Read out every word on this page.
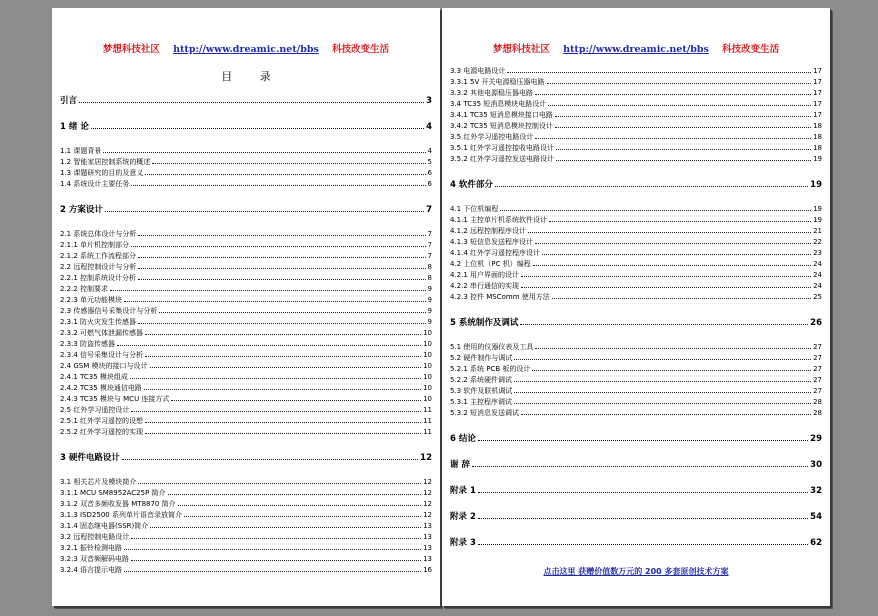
梦想科技社区 http://www.dreamic.net/bbs 科技改变生活
目 录
引言	3
1 绪 论	4
1.1 课题背景	4
1.2 智能家居控制系统的概述	5
1.3 课题研究的目的及意义	6
1.4 系统设计主要任务	6
2 方案设计	7
2.1 系统总体设计与分析	7
2.1.1 单片机控制部分	7
2.1.2 系统工作流程部分	7
2.2 远程控制设计与分析	8
2.2.1 控制系统设计分析	8
2.2.2 控制要求	9
2.2.3 单元功能模块	9
2.3 传感器信号采集设计与分析	9
2.3.1 防火灾发生传感器	9
2.3.2 可燃气体泄漏传感器	10
2.3.3 防盗传感器	10
2.3.4 信号采集设计与分析	10
2.4 GSM 模块的接口与设计	10
2.4.1 TC35 模块组成	10
2.4.2 TC35 模块通信电路	10
2.4.3 TC35 模块与 MCU 连接方式	10
2.5 红外学习遥控设计	11
2.5.1 红外学习遥控的设想	11
2.5.2 红外学习遥控的实现	11
3 硬件电路设计	12
3.1 相关芯片及模块简介	12
3.1.1 MCU SM8952AC25P 简介	12
3.1.2 双音多频收发器 MT8870 简介	12
3.1.3 ISD2500 系列单片语音录放简介	12
3.1.4 固态继电器(SSR)简介	13
3.2 远程控制电路设计	13
3.2.1 振铃检测电路	13
3.2.3 双音频解码电路	13
3.2.4 语言提示电路	16
梦想科技社区 http://www.dreamic.net/bbs 科技改变生活
3.3 电源电路设计	17
3.3.1 5V 开关电源稳压器电路	17
3.3.2 其他电源稳压器电路	17
3.4 TC35 短消息模块电路设计	17
3.4.1 TC35 短消息模块接口电路	17
3.4.2 TC35 短消息模块控制设计	18
3.5 红外学习遥控电路设计	18
3.5.1 红外学习遥控接收电路设计	18
3.5.2 红外学习遥控发送电路设计	19
4 软件部分	19
4.1 下位机编程	19
4.1.1 主控单片机系统软件设计	19
4.1.2 远程控制程序设计	21
4.1.3 短信息发送程序设计	22
4.1.4 红外学习遥控程序设计	23
4.2 上位机（PC 机）编程	24
4.2.1 用户界面的设计	24
4.2.2 串行通信的实现	24
4.2.3 控件 MSComm 使用方法	25
5 系统制作及调试	26
5.1 使用的仪器仪表及工具	27
5.2 硬件制作与调试	27
5.2.1 系统 PCB 板的设计	27
5.2.2 系统硬件调试	27
5.3 软件及联机调试	27
5.3.1 主控程序调试	28
5.3.2 短消息发送调试	28
6 结论	29
谢 辞	30
附录 1	32
附录 2	54
附录 3	62
点击这里 获赠价值数万元的 200 多套原创技术方案
